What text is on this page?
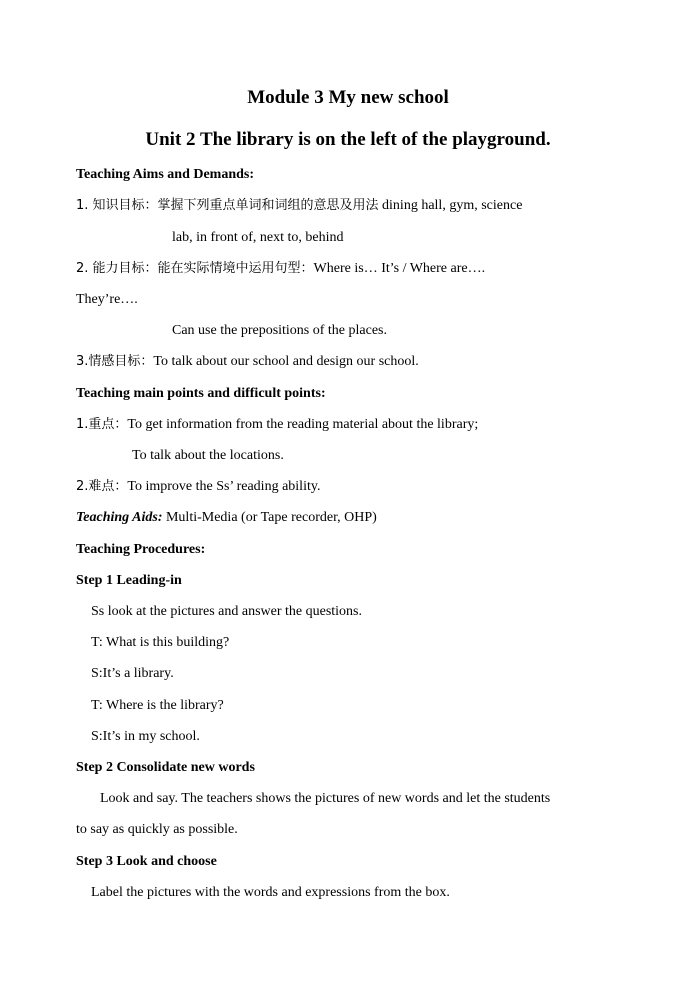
Module 3 My new school
Unit 2 The library is on the left of the playground.
Teaching Aims and Demands:
1. 知识目标：掌握下列重点单词和词组的意思及用法 dining hall, gym, science
lab, in front of, next to, behind
2. 能力目标：能在实际情境中运用句型：Where is… It’s / Where are….
They’re….
Can use the prepositions of the places.
3.情感目标：To talk about our school and design our school.
Teaching main points and difficult points:
1.重点：To get information from the reading material about the library;
To talk about the locations.
2.难点：To improve the Ss’ reading ability.
Teaching Aids: Multi-Media (or Tape recorder, OHP)
Teaching Procedures:
Step 1 Leading-in
Ss look at the pictures and answer the questions.
T: What is this building?
S:It’s a library.
T: Where is the library?
S:It’s in my school.
Step 2 Consolidate new words
Look and say. The teachers shows the pictures of new words and let the students
to say as quickly as possible.
Step 3 Look and choose
Label the pictures with the words and expressions from the box.
